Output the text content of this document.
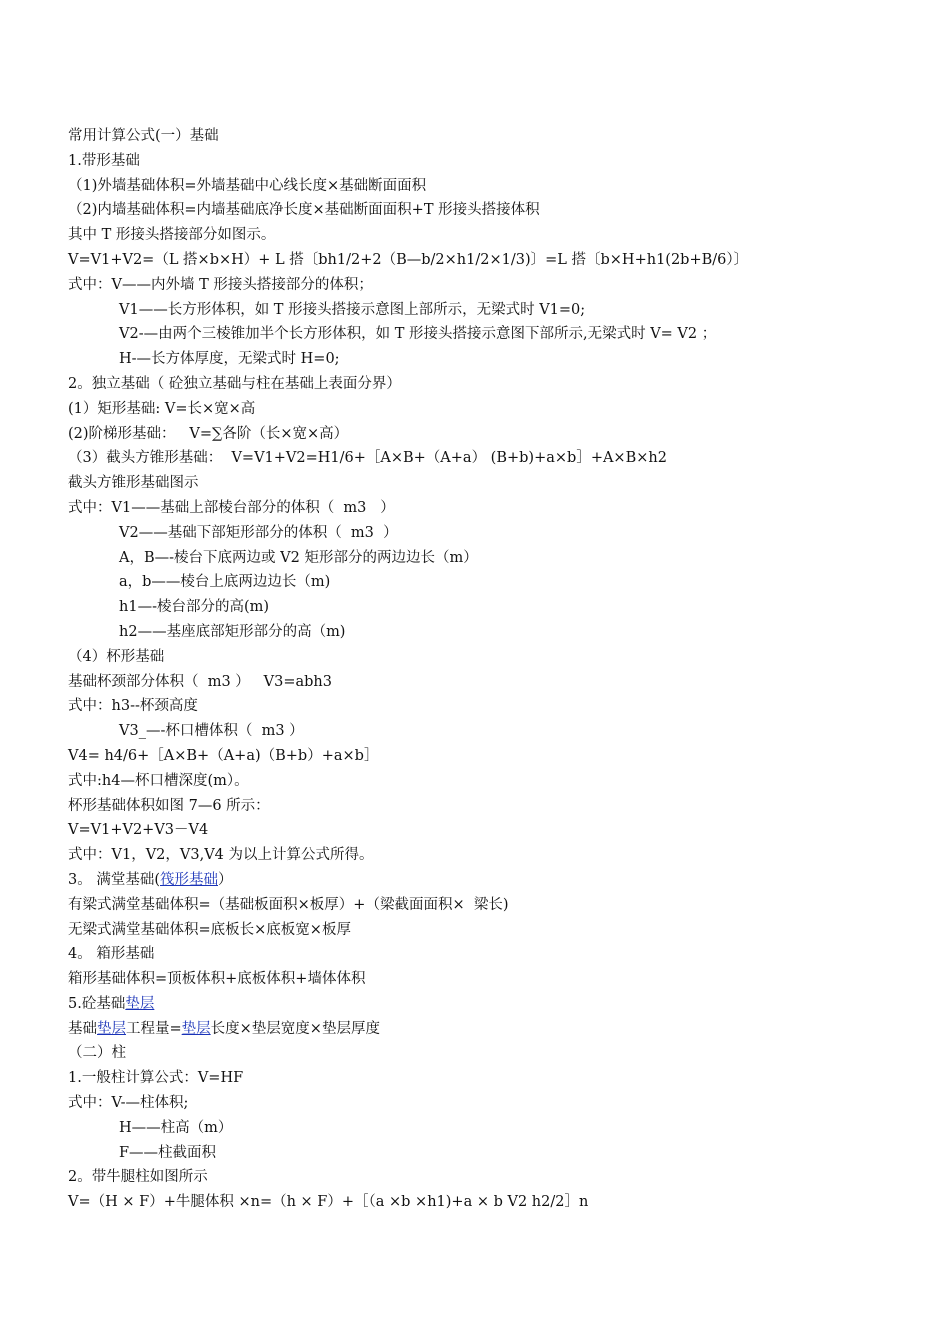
常用计算公式(一）基础
1.带形基础
（1)外墙基础体积=外墙基础中心线长度×基础断面面积
（2)内墙基础体积=内墙基础底净长度×基础断面面积+T 形接头搭接体积
其中 T 形接头搭接部分如图示。
V=V1+V2=（L 搭×b×H）+ L 搭〔bh1/2+2（B—b/2×h1/2×1/3)〕=L 搭〔b×H+h1(2b+B/6）〕
式中：V——内外墙 T 形接头搭接部分的体积；
V1——长方形体积，如 T 形接头搭接示意图上部所示，无梁式时 V1=0;
V2-—由两个三棱锥加半个长方形体积，如 T 形接头搭接示意图下部所示,无梁式时 V= V2 ；
H-—长方体厚度，无梁式时 H=0;
2。独立基础（ 砼独立基础与柱在基础上表面分界）
(1）矩形基础: V=长×宽×高
(2)阶梯形基础：   V=∑各阶（长×宽×高）
（3）截头方锥形基础：  V=V1+V2=H1/6+［A×B+（A+a） (B+b)+a×b］+A×B×h2
截头方锥形基础图示
式中：V1——基础上部棱台部分的体积（  m3   ）
V2——基础下部矩形部分的体积（  m3  ）
A，B—-棱台下底两边或 V2 矩形部分的两边边长（m）
a，b——棱台上底两边边长（m)
h1—-棱台部分的高(m)
h2——基座底部矩形部分的高（m)
（4）杯形基础
基础杯颈部分体积（  m3 ）   V3=abh3
式中：h3--杯颈高度
V3_—-杯口槽体积（  m3 ）
V4= h4/6+［A×B+（A+a)（B+b）+a×b］
式中:h4—杯口槽深度(m）。
杯形基础体积如图 7—6 所示：
V=V1+V2+V3－V4
式中：V1，V2，V3,V4 为以上计算公式所得。
3。 满堂基础(筏形基础）
有梁式满堂基础体积=（基础板面积×板厚）+（梁截面面积×  梁长)
无梁式满堂基础体积=底板长×底板宽×板厚
4。 箱形基础
箱形基础体积=顶板体积+底板体积+墙体体积
5.砼基础垫层
基础垫层工程量=垫层长度×垫层宽度×垫层厚度
（二）柱
1.一般柱计算公式：V=HF
式中：V-—柱体积;
H——柱高（m）
F——柱截面积
2。带牛腿柱如图所示
V=（H × F）+牛腿体积 ×n=（h × F）+［（a ×b ×h1)+a × b V2 h2/2］n
